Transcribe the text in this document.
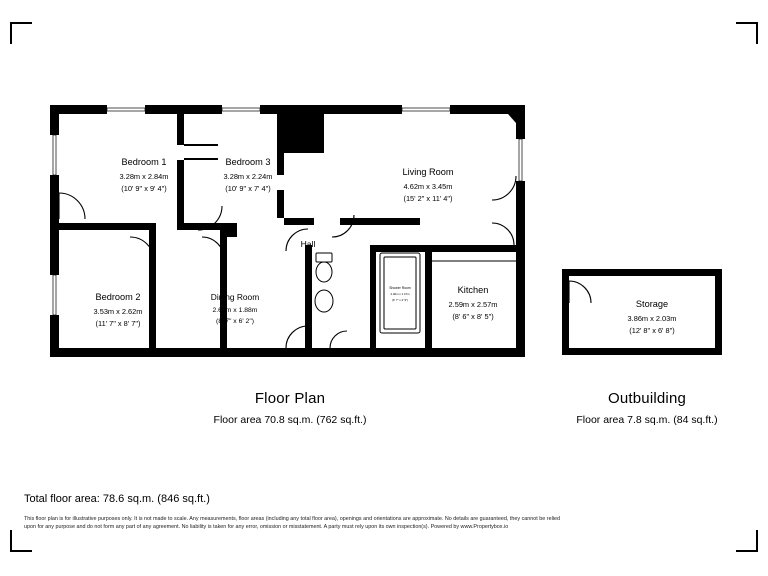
Bedroom 1
3.28m x 2.84m
(10' 9" x 9' 4")
Bedroom 3
3.28m x 2.24m
(10' 9" x 7' 4")
Living Room
4.62m x 3.45m
(15' 2" x 11' 4")
Bedroom 2
3.53m x 2.62m
(11' 7" x 8' 7")
Dining Room
2.62m x 1.88m
(8' 7" x 6' 2")
Kitchen
2.59m x 2.57m
(8' 6" x 8' 5")
Shower Room
2.00m x 1.47m
(6' 7" x 4' 9")
Hall
Storage
3.86m x 2.03m
(12' 8" x 6' 8")
Floor Plan
Floor area 70.8 sq.m. (762 sq.ft.)
Outbuilding
Floor area 7.8 sq.m. (84 sq.ft.)
Total floor area: 78.6 sq.m. (846 sq.ft.)
This floor plan is for illustrative purposes only. It is not made to scale. Any measurements, floor areas (including any total floor area), openings and orientations are approximate. No details are guaranteed, they cannot be relied upon for any purpose and do not form any part of any agreement. No liability is taken for any error, omission or misstatement. A party must rely upon its own inspection(s). Powered by www.Propertybox.io
